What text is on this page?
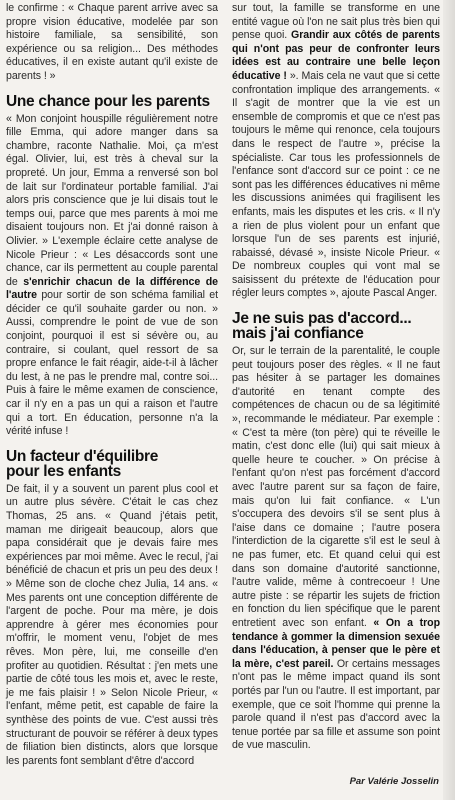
le confirme : « Chaque parent arrive avec sa propre vision éducative, modelée par son histoire familiale, sa sensibilité, son expérience ou sa religion... Des méthodes éducatives, il en existe autant qu'il existe de parents ! »

Une chance pour les parents

« Mon conjoint houspille régulièrement notre fille Emma, qui adore manger dans sa chambre, raconte Nathalie. Moi, ça m'est égal. Olivier, lui, est très à cheval sur la propreté. Un jour, Emma a renversé son bol de lait sur l'ordinateur portable familial. J'ai alors pris conscience que je lui disais tout le temps oui, parce que mes parents à moi me disaient toujours non. Et j'ai donné raison à Olivier. » L'exemple éclaire cette analyse de Nicole Prieur : « Les désaccords sont une chance, car ils permettent au couple parental de s'enrichir chacun de la différence de l'autre pour sortir de son schéma familial et décider ce qu'il souhaite garder ou non. » Aussi, comprendre le point de vue de son conjoint, pourquoi il est si sévère ou, au contraire, si coulant, quel ressort de sa propre enfance le fait réagir, aide-t-il à lâcher du lest, à ne pas le prendre mal, contre soi... Puis à faire le même examen de conscience, car il n'y en a pas un qui a raison et l'autre qui a tort. En éducation, personne n'a la vérité infuse !

Un facteur d'équilibre
pour les enfants

De fait, il y a souvent un parent plus cool et un autre plus sévère. C'était le cas chez Thomas, 25 ans. « Quand j'étais petit, maman me dirigeait beaucoup, alors que papa considérait que je devais faire mes expériences par moi même. Avec le recul, j'ai bénéficié de chacun et pris un peu des deux ! » Même son de cloche chez Julia, 14 ans. « Mes parents ont une conception différente de l'argent de poche. Pour ma mère, je dois apprendre à gérer mes économies pour m'offrir, le moment venu, l'objet de mes rêves. Mon père, lui, me conseille d'en profiter au quotidien. Résultat : j'en mets une partie de côté tous les mois et, avec le reste, je me fais plaisir ! » Selon Nicole Prieur, « l'enfant, même petit, est capable de faire la synthèse des points de vue. C'est aussi très structurant de pouvoir se référer à deux types de filiation bien distincts, alors que lorsque les parents font semblant d'être d'accord

sur tout, la famille se transforme en une entité vague où l'on ne sait plus très bien qui pense quoi. Grandir aux côtés de parents qui n'ont pas peur de confronter leurs idées est au contraire une belle leçon éducative ! ». Mais cela ne vaut que si cette confrontation implique des arrangements. « Il s'agit de montrer que la vie est un ensemble de compromis et que ce n'est pas toujours le même qui renonce, cela toujours dans le respect de l'autre », précise la spécialiste. Car tous les professionnels de l'enfance sont d'accord sur ce point : ce ne sont pas les différences éducatives ni même les discussions animées qui fragilisent les enfants, mais les disputes et les cris. « Il n'y a rien de plus violent pour un enfant que lorsque l'un de ses parents est injurié, rabaissé, dévasé », insiste Nicole Prieur. « De nombreux couples qui vont mal se saisissent du prétexte de l'éducation pour régler leurs comptes », ajoute Pascal Anger.

Je ne suis pas d'accord...
mais j'ai confiance

Or, sur le terrain de la parentalité, le couple peut toujours poser des règles. « Il ne faut pas hésiter à se partager les domaines d'autorité en tenant compte des compétences de chacun ou de sa légitimité », recommande le médiateur. Par exemple : « C'est ta mère (ton père) qui te réveille le matin, c'est donc elle (lui) qui sait mieux à quelle heure te coucher. » On précise à l'enfant qu'on n'est pas forcément d'accord avec l'autre parent sur sa façon de faire, mais qu'on lui fait confiance. « L'un s'occupera des devoirs s'il se sent plus à l'aise dans ce domaine ; l'autre posera l'interdiction de la cigarette s'il est le seul à ne pas fumer, etc. Et quand celui qui est dans son domaine d'autorité sanctionne, l'autre valide, même à contrecoeur ! Une autre piste : se répartir les sujets de friction en fonction du lien spécifique que le parent entretient avec son enfant. « On a trop tendance à gommer la dimension sexuée dans l'éducation, à penser que le père et la mère, c'est pareil. Or certains messages n'ont pas le même impact quand ils sont portés par l'un ou l'autre. Il est important, par exemple, que ce soit l'homme qui prenne la parole quand il n'est pas d'accord avec la tenue portée par sa fille et assume son point de vue masculin.

Par Valérie Josselin
